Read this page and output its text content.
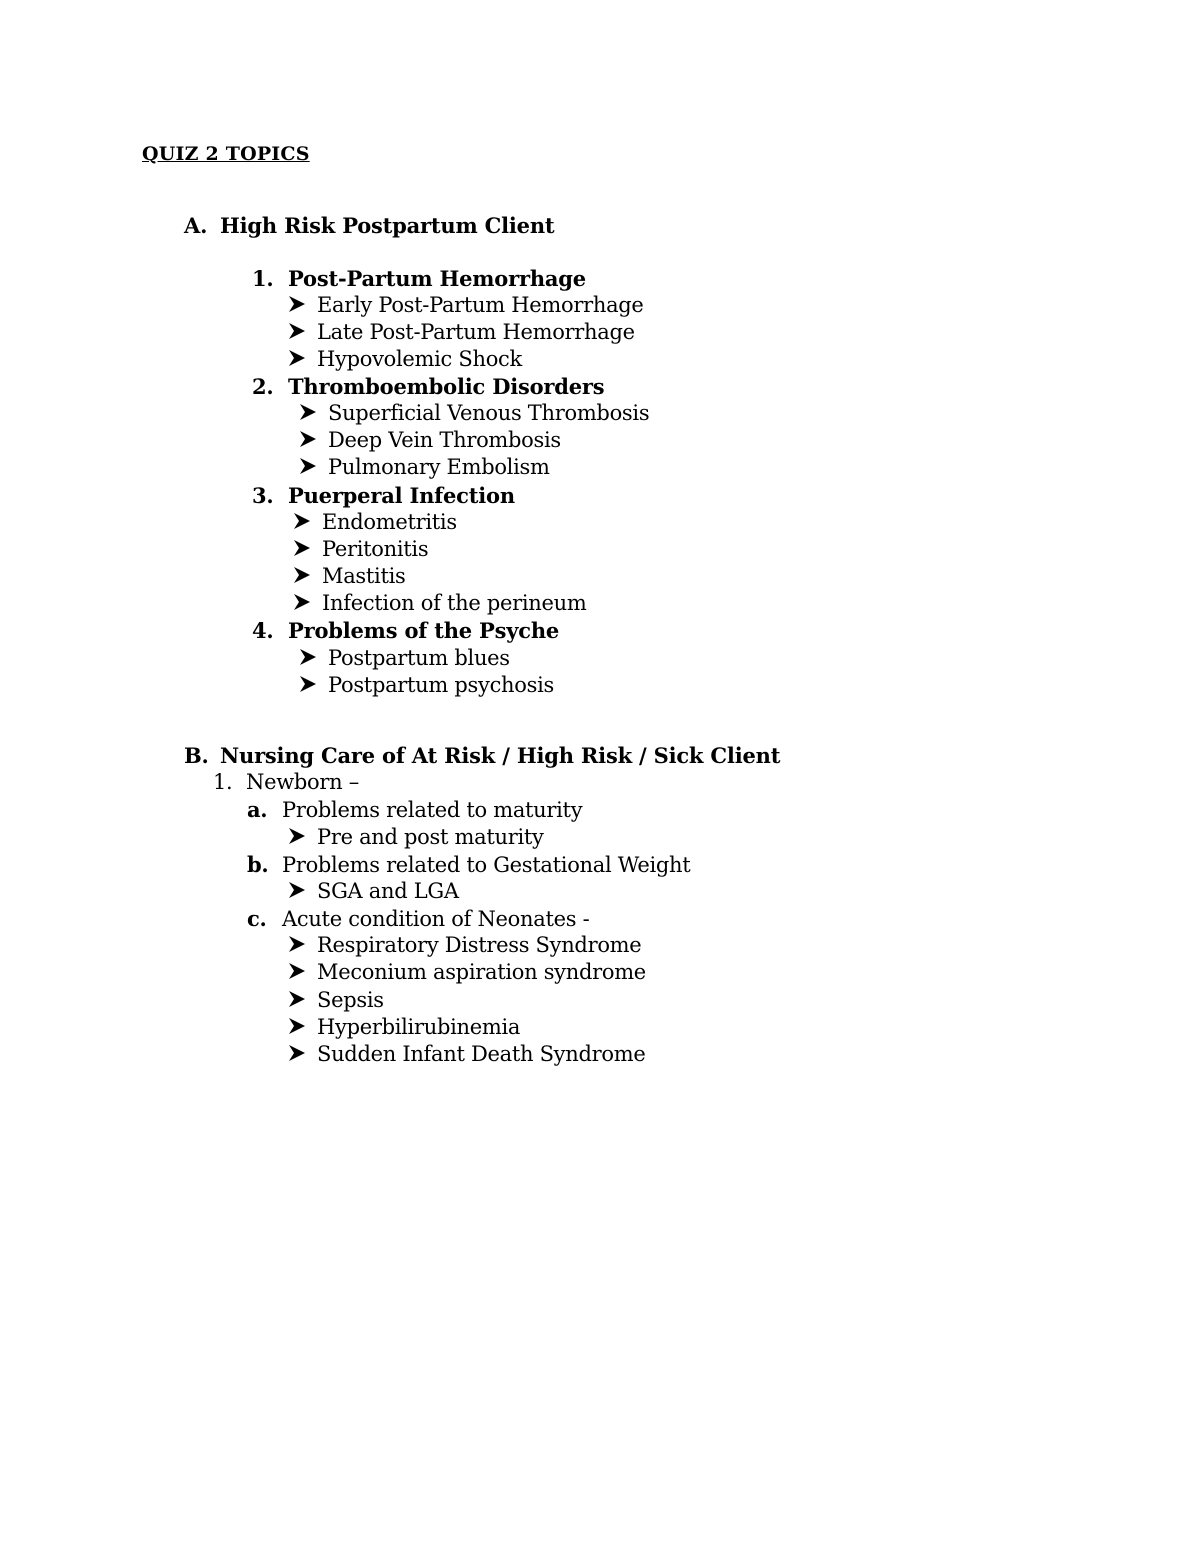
QUIZ 2 TOPICS
A. High Risk Postpartum Client
1. Post-Partum Hemorrhage
Early Post-Partum Hemorrhage
Late Post-Partum Hemorrhage
Hypovolemic Shock
2. Thromboembolic Disorders
Superficial Venous Thrombosis
Deep Vein Thrombosis
Pulmonary Embolism
3. Puerperal Infection
Endometritis
Peritonitis
Mastitis
Infection of the perineum
4. Problems of the Psyche
Postpartum blues
Postpartum psychosis
B. Nursing Care of At Risk / High Risk / Sick Client
1. Newborn –
a. Problems related to maturity
Pre and post maturity
b. Problems related to Gestational Weight
SGA and LGA
c. Acute condition of Neonates -
Respiratory Distress Syndrome
Meconium aspiration syndrome
Sepsis
Hyperbilirubinemia
Sudden Infant Death Syndrome
